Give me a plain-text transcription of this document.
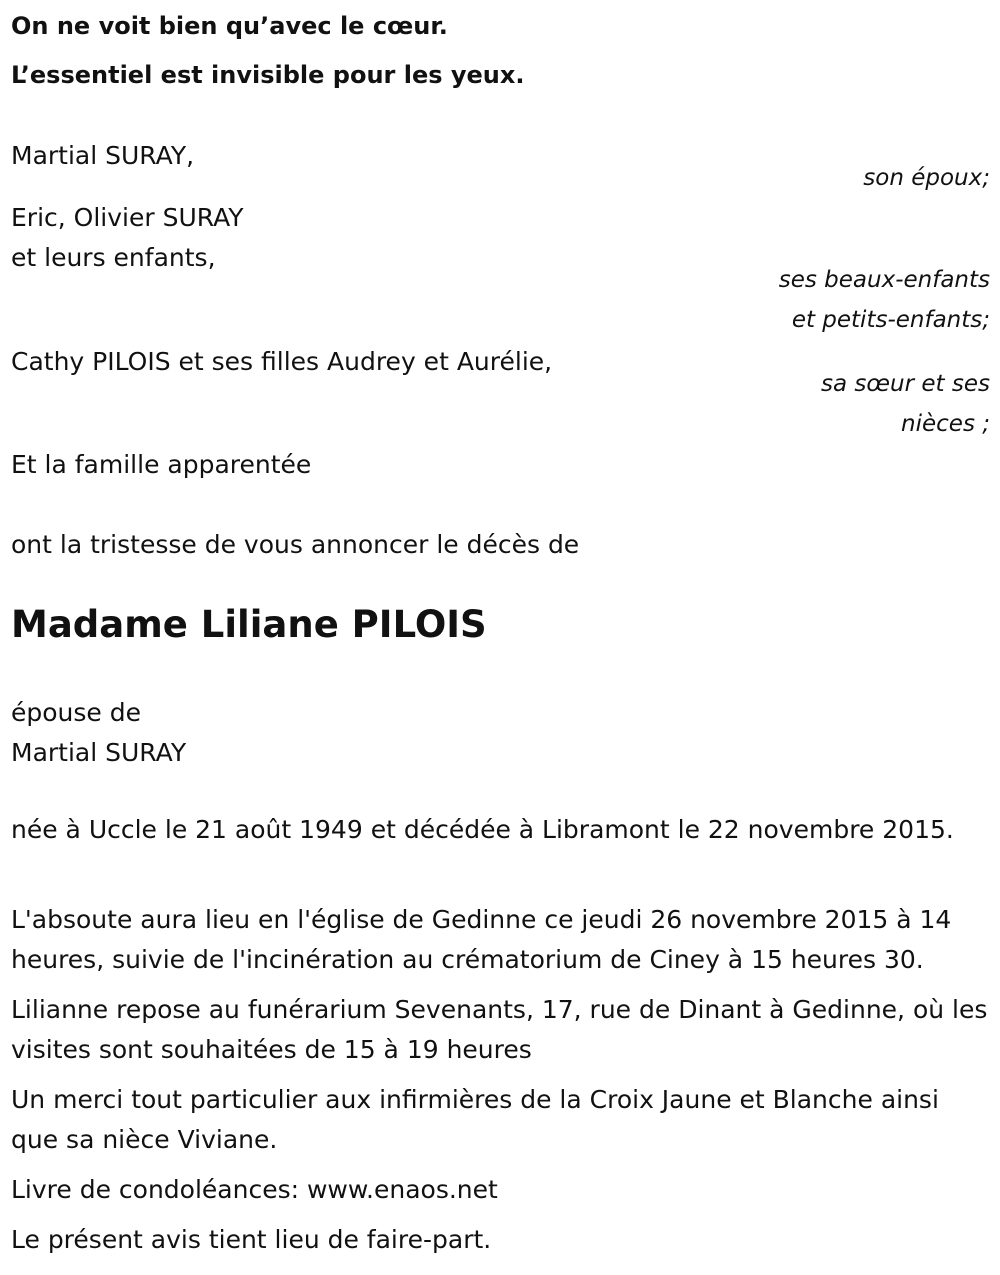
On ne voit bien qu’avec le cœur.
L’essentiel est invisible pour les yeux.
Martial SURAY,
son époux;
Eric, Olivier SURAY
et leurs enfants,
ses beaux-enfants
et petits-enfants;
Cathy PILOIS et ses filles Audrey et Aurélie,
sa sœur et ses
nièces ;
Et la famille apparentée
ont la tristesse de vous annoncer le décès de
Madame Liliane PILOIS
épouse de
Martial SURAY
née à Uccle le 21 août 1949 et décédée à Libramont le 22 novembre 2015.
L'absoute aura lieu en l'église de Gedinne ce jeudi 26 novembre 2015 à 14 heures, suivie de l'incinération au crématorium de Ciney à 15 heures 30.
Lilianne repose au funérarium Sevenants, 17, rue de Dinant à Gedinne, où les visites sont souhaitées de 15 à 19 heures
Un merci tout particulier aux infirmières de la Croix Jaune et Blanche ainsi que sa nièce Viviane.
Livre de condoléances: www.enaos.net
Le présent avis tient lieu de faire-part.
